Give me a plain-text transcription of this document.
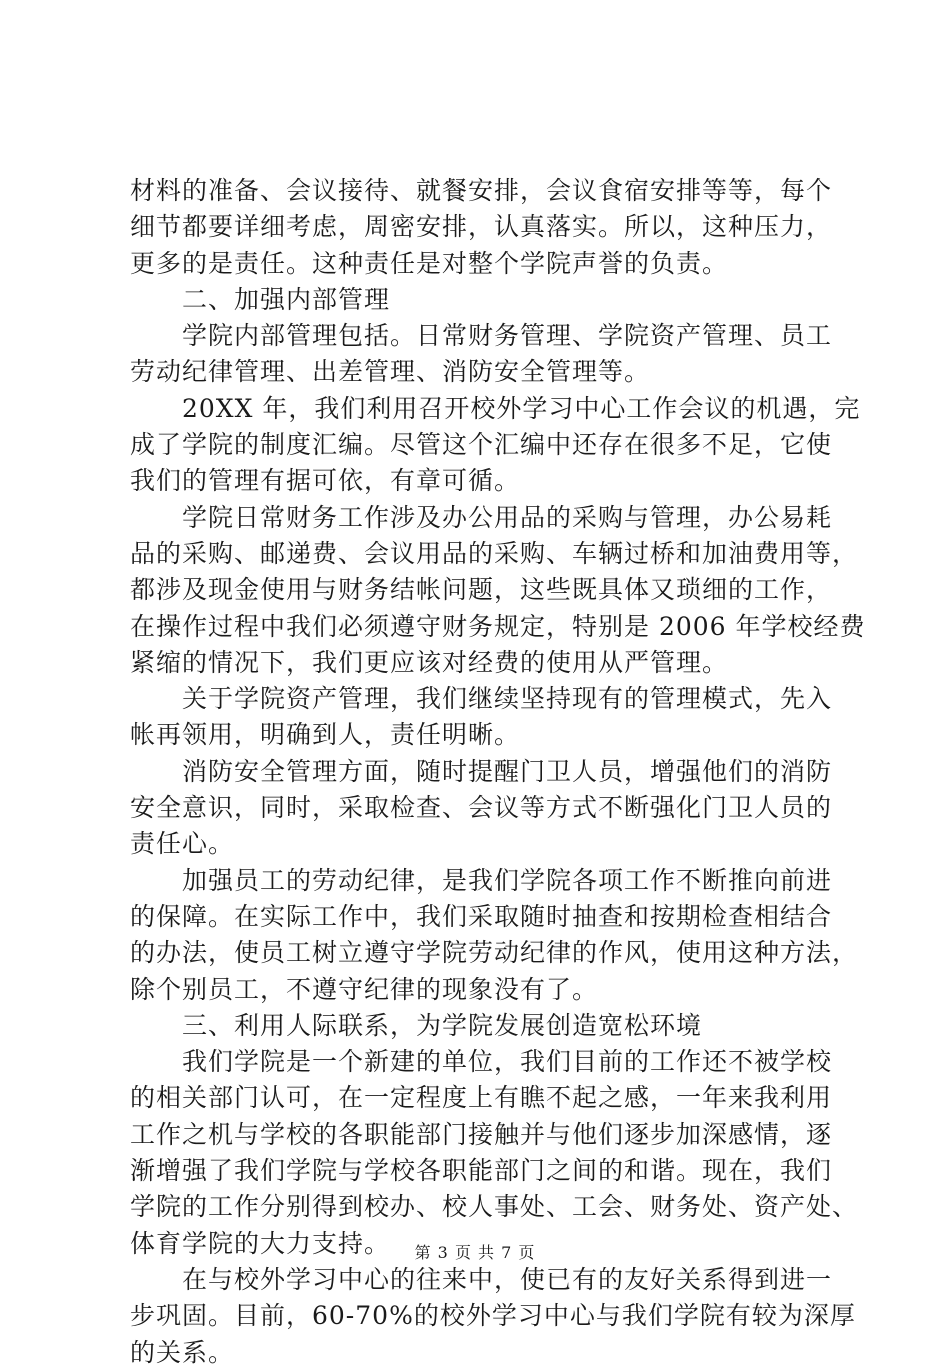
材料的准备、会议接待、就餐安排，会议食宿安排等等，每个
细节都要详细考虑，周密安排，认真落实。所以，这种压力，
更多的是责任。这种责任是对整个学院声誉的负责。
二、加强内部管理
学院内部管理包括。日常财务管理、学院资产管理、员工
劳动纪律管理、出差管理、消防安全管理等。
20XX 年，我们利用召开校外学习中心工作会议的机遇，完
成了学院的制度汇编。尽管这个汇编中还存在很多不足，它使
我们的管理有据可依，有章可循。
学院日常财务工作涉及办公用品的采购与管理，办公易耗
品的采购、邮递费、会议用品的采购、车辆过桥和加油费用等，
都涉及现金使用与财务结帐问题，这些既具体又琐细的工作，
在操作过程中我们必须遵守财务规定，特别是 2006 年学校经费
紧缩的情况下，我们更应该对经费的使用从严管理。
关于学院资产管理，我们继续坚持现有的管理模式，先入
帐再领用，明确到人，责任明晰。
消防安全管理方面，随时提醒门卫人员，增强他们的消防
安全意识，同时，采取检查、会议等方式不断强化门卫人员的
责任心。
加强员工的劳动纪律，是我们学院各项工作不断推向前进
的保障。在实际工作中，我们采取随时抽查和按期检查相结合
的办法，使员工树立遵守学院劳动纪律的作风，使用这种方法，
除个别员工，不遵守纪律的现象没有了。
三、利用人际联系，为学院发展创造宽松环境
我们学院是一个新建的单位，我们目前的工作还不被学校
的相关部门认可，在一定程度上有瞧不起之感，一年来我利用
工作之机与学校的各职能部门接触并与他们逐步加深感情，逐
渐增强了我们学院与学校各职能部门之间的和谐。现在，我们
学院的工作分别得到校办、校人事处、工会、财务处、资产处、
体育学院的大力支持。
在与校外学习中心的往来中，使已有的友好关系得到进一
步巩固。目前，60-70%的校外学习中心与我们学院有较为深厚
的关系。
第 3 页 共 7 页
